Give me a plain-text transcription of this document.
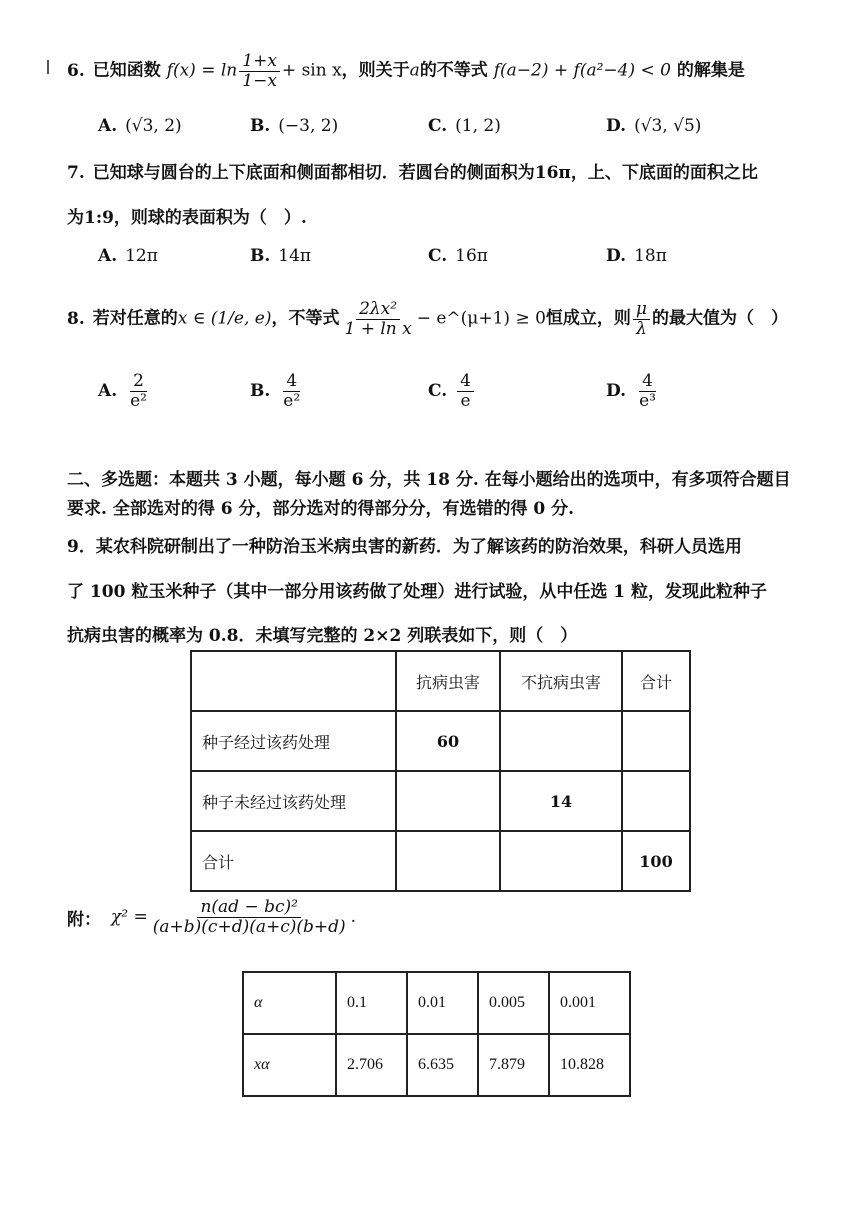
6. 已知函数 $f(x) = \ln \frac{1+x}{1-x} + \sin x$，则关于a的不等式 f(a−2) + f(a²−4) < 0 的解集是
A. (√3, 2)	B. (−3, 2)	C. (1, 2)	D. (√3, √5)
7. 已知球与圆台的上下底面和侧面都相切．若圆台的侧面积为16π，上、下底面的面积之比
为1:9，则球的表面积为（　）.
A. 12π	B. 14π	C. 16π	D. 18π
8. 若对任意的x ∈ (1/e, e)，不等式 $\frac{\text{2λx²}}{\text{1 + ln x}}$ − e^(μ+1) ≥ 0恒成立，则 $\frac{\mu}{\lambda}$ 的最大值为（　）
A. $\frac{2}{\text{e²}}$	B. $\frac{4}{\text{e²}}$	C. $\frac{4}{e}$	D. $\frac{4}{\text{e³}}$
二、多选题：本题共 3 小题，每小题 6 分，共 18 分. 在每小题给出的选项中，有多项符合题目要求. 全部选对的得 6 分，部分选对的得部分分，有选错的得 0 分.
9．某农科院研制出了一种防治玉米病虫害的新药．为了解该药的防治效果，科研人员选用
了 100 粒玉米种子（其中一部分用该药做了处理）进行试验，从中任选 1 粒，发现此粒种子
抗病虫害的概率为 0.8．未填写完整的 2×2 列联表如下，则（　）
	抗病虫害	不抗病虫害	合计
种子经过该药处理	60		
种子未经过该药处理		14	
合计			100
附： $\chi^2 = \frac{\text{n(ad − bc)²}}{(a+b)(c+d)(a+c)(b+d)}$ .
α	0.1	0.01	0.005	0.001
xα	2.706	6.635	7.879	10.828
